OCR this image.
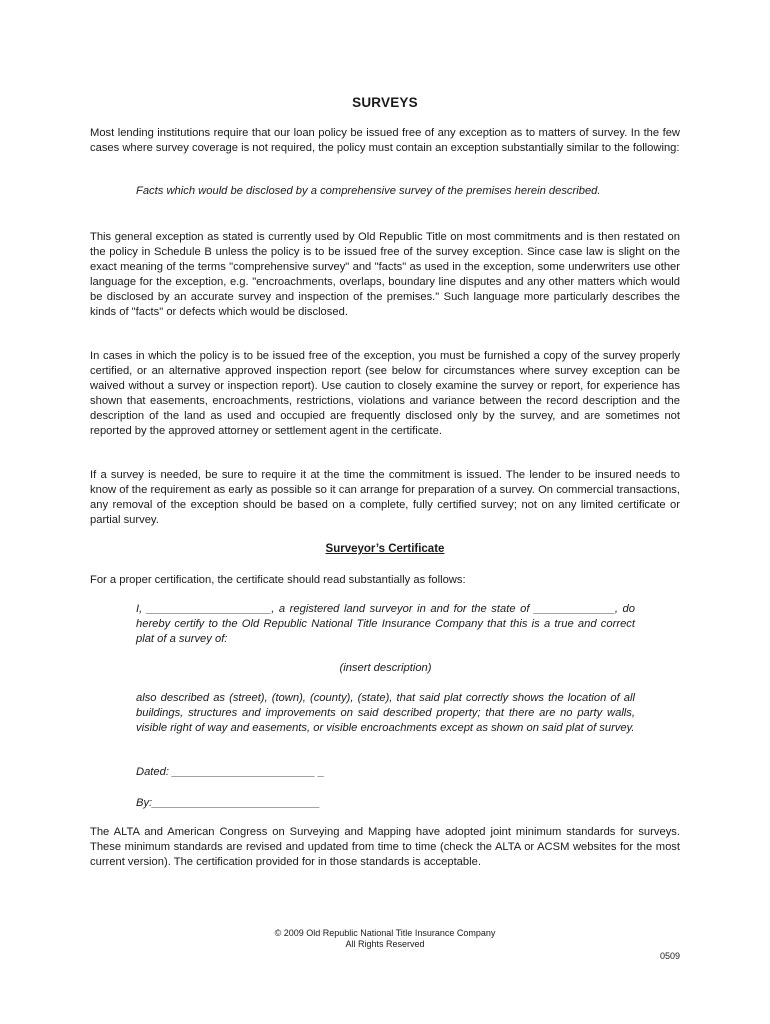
SURVEYS

Most lending institutions require that our loan policy be issued free of any exception as to matters of survey. In the few cases where survey coverage is not required, the policy must contain an exception substantially similar to the following:

Facts which would be disclosed by a comprehensive survey of the premises herein described.

This general exception as stated is currently used by Old Republic Title on most commitments and is then restated on the policy in Schedule B unless the policy is to be issued free of the survey exception. Since case law is slight on the exact meaning of the terms "comprehensive survey" and "facts" as used in the exception, some underwriters use other language for the exception, e.g. "encroachments, overlaps, boundary line disputes and any other matters which would be disclosed by an accurate survey and inspection of the premises." Such language more particularly describes the kinds of "facts" or defects which would be disclosed.

In cases in which the policy is to be issued free of the exception, you must be furnished a copy of the survey properly certified, or an alternative approved inspection report (see below for circumstances where survey exception can be waived without a survey or inspection report). Use caution to closely examine the survey or report, for experience has shown that easements, encroachments, restrictions, violations and variance between the record description and the description of the land as used and occupied are frequently disclosed only by the survey, and are sometimes not reported by the approved attorney or settlement agent in the certificate.

If a survey is needed, be sure to require it at the time the commitment is issued. The lender to be insured needs to know of the requirement as early as possible so it can arrange for preparation of a survey. On commercial transactions, any removal of the exception should be based on a complete, fully certified survey; not on any limited certificate or partial survey.

Surveyor’s Certificate

For a proper certification, the certificate should read substantially as follows:

I, ____________________, a registered land surveyor in and for the state of _____________, do hereby certify to the Old Republic National Title Insurance Company that this is a true and correct plat of a survey of:

(insert description)

also described as (street), (town), (county), (state), that said plat correctly shows the location of all buildings, structures and improvements on said described property; that there are no party walls, visible right of way and easements, or visible encroachments except as shown on said plat of survey.

Dated: _______________________ _

By:___________________________

The ALTA and American Congress on Surveying and Mapping have adopted joint minimum standards for surveys. These minimum standards are revised and updated from time to time (check the ALTA or ACSM websites for the most current version). The certification provided for in those standards is acceptable.

© 2009 Old Republic National Title Insurance Company
All Rights Reserved
0509
